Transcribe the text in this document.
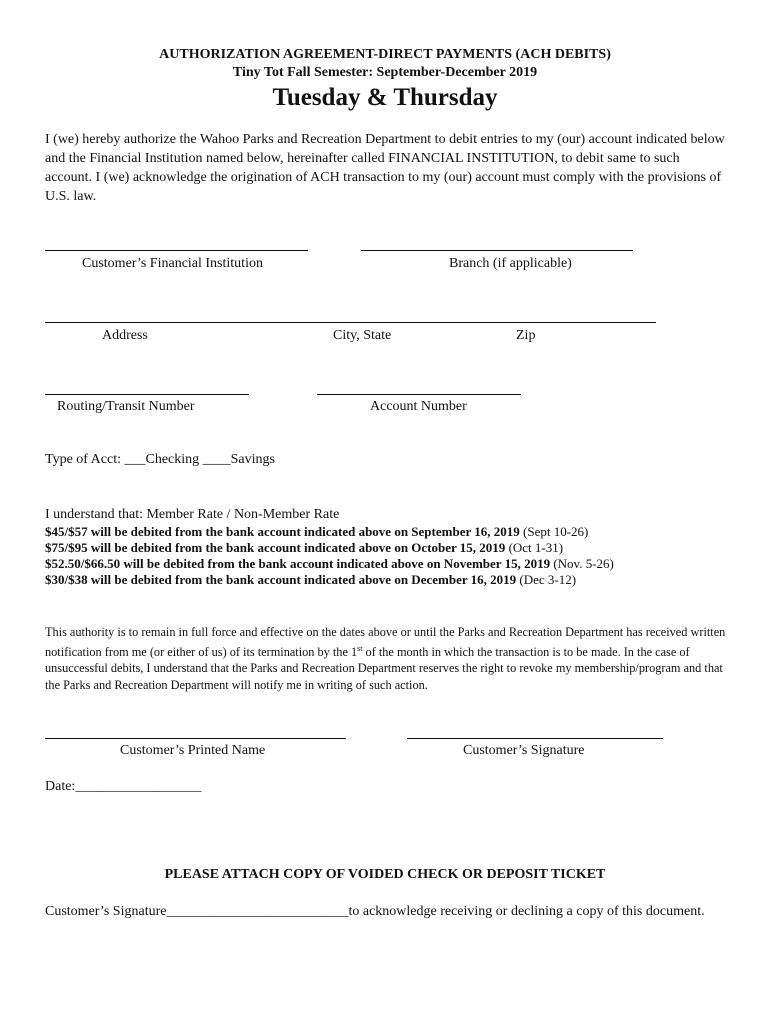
AUTHORIZATION AGREEMENT-DIRECT PAYMENTS (ACH DEBITS)
Tiny Tot Fall Semester: September-December 2019
Tuesday & Thursday
I (we) hereby authorize the Wahoo Parks and Recreation Department to debit entries to my (our) account indicated below and the Financial Institution named below, hereinafter called FINANCIAL INSTITUTION, to debit same to such account. I (we) acknowledge the origination of ACH transaction to my (our) account must comply with the provisions of U.S. law.
Customer’s Financial Institution	Branch (if applicable)
Address	City, State	Zip
Routing/Transit Number	Account Number
Type of Acct: ___Checking ____Savings
I understand that: Member Rate / Non-Member Rate
$45/$57 will be debited from the bank account indicated above on September 16, 2019 (Sept 10-26)
$75/$95 will be debited from the bank account indicated above on October 15, 2019 (Oct 1-31)
$52.50/$66.50 will be debited from the bank account indicated above on November 15, 2019 (Nov. 5-26)
$30/$38 will be debited from the bank account indicated above on December 16, 2019 (Dec 3-12)
This authority is to remain in full force and effective on the dates above or until the Parks and Recreation Department has received written notification from me (or either of us) of its termination by the 1st of the month in which the transaction is to be made. In the case of unsuccessful debits, I understand that the Parks and Recreation Department reserves the right to revoke my membership/program and that the Parks and Recreation Department will notify me in writing of such action.
Customer’s Printed Name	Customer’s Signature
Date:__________________
PLEASE ATTACH COPY OF VOIDED CHECK OR DEPOSIT TICKET
Customer’s Signature__________________________to acknowledge receiving or declining a copy of this document.
